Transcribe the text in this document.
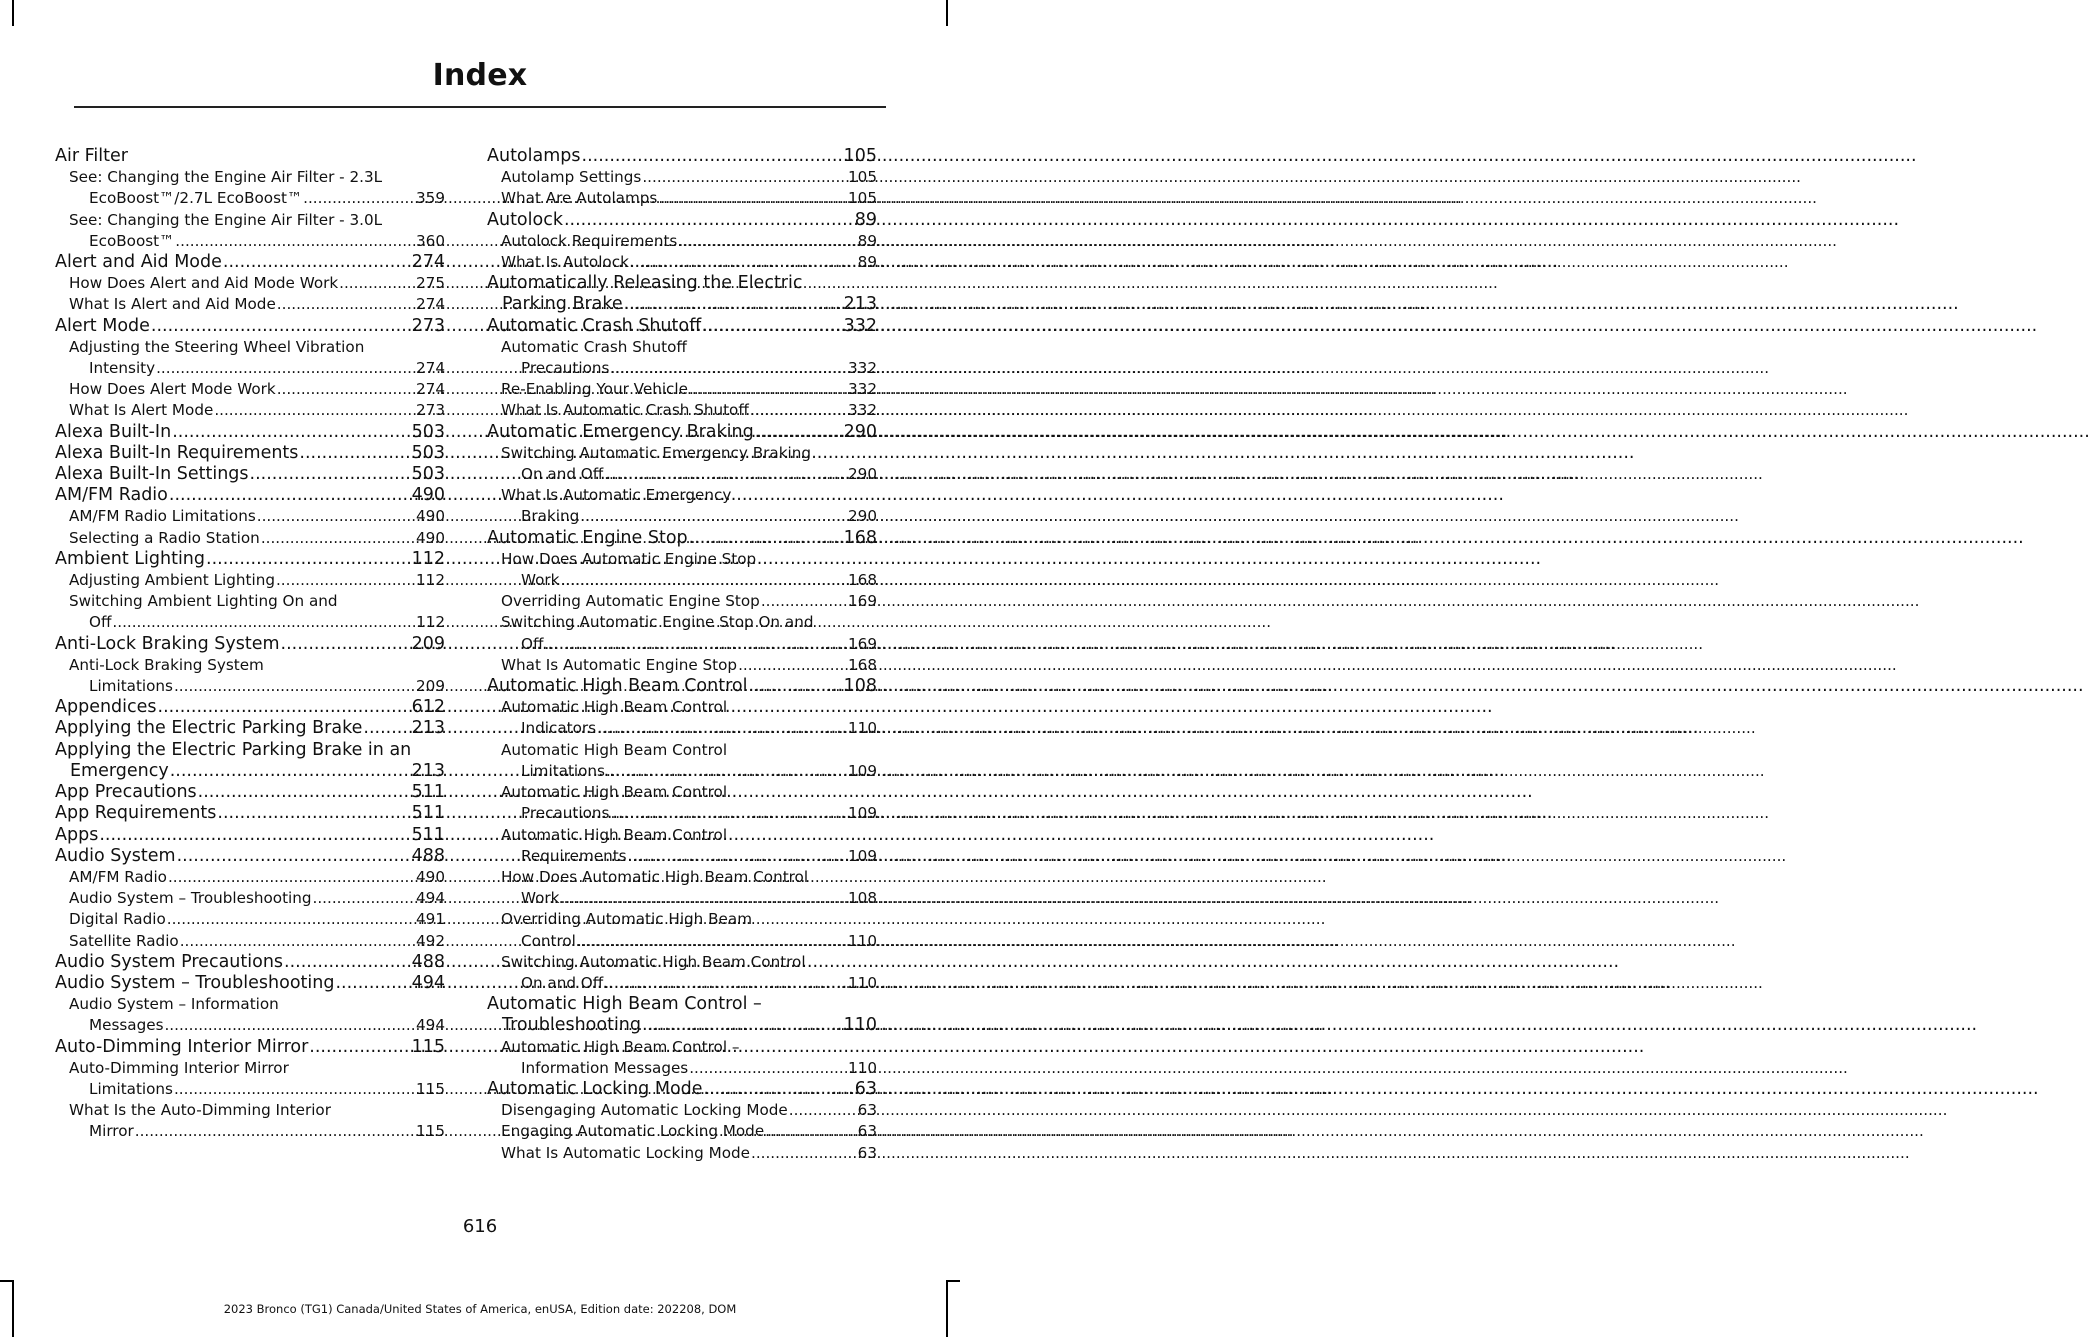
Index
Air Filter
See: Changing the Engine Air Filter - 2.3L
EcoBoost™/2.7L EcoBoost™ .....	359
See: Changing the Engine Air Filter - 3.0L
EcoBoost™ .....	360
Alert and Aid Mode .....	274
How Does Alert and Aid Mode Work .....	275
What Is Alert and Aid Mode .....	274
Alert Mode .....	273
Adjusting the Steering Wheel Vibration
Intensity .....	274
How Does Alert Mode Work .....	274
What Is Alert Mode .....	273
Alexa Built-In .....	503
Alexa Built-In Requirements .....	503
Alexa Built-In Settings .....	503
AM/FM Radio .....	490
AM/FM Radio Limitations .....	490
Selecting a Radio Station .....	490
Ambient Lighting .....	112
Adjusting Ambient Lighting .....	112
Switching Ambient Lighting On and
Off .....	112
Anti-Lock Braking System .....	209
Anti-Lock Braking System
Limitations .....	209
Appendices .....	612
Applying the Electric Parking Brake .....	213
Applying the Electric Parking Brake in an
Emergency .....	213
App Precautions .....	511
App Requirements .....	511
Apps .....	511
Audio System .....	488
AM/FM Radio .....	490
Audio System – Troubleshooting .....	494
Digital Radio .....	491
Satellite Radio .....	492
Audio System Precautions .....	488
Audio System – Troubleshooting .....	494
Audio System – Information
Messages .....	494
Auto-Dimming Interior Mirror .....	115
Auto-Dimming Interior Mirror
Limitations .....	115
What Is the Auto-Dimming Interior
Mirror .....	115
Autolamps .....	105
Autolamp Settings .....	105
What Are Autolamps .....	105
Autolock .....	89
Autolock Requirements .....	89
What Is Autolock .....	89
Automatically Releasing the Electric
Parking Brake .....	213
Automatic Crash Shutoff .....	332
Automatic Crash Shutoff
Precautions .....	332
Re-Enabling Your Vehicle .....	332
What Is Automatic Crash Shutoff .....	332
Automatic Emergency Braking .....	290
Switching Automatic Emergency Braking
On and Off .....	290
What Is Automatic Emergency
Braking .....	290
Automatic Engine Stop .....	168
How Does Automatic Engine Stop
Work .....	168
Overriding Automatic Engine Stop .....	169
Switching Automatic Engine Stop On and
Off .....	169
What Is Automatic Engine Stop .....	168
Automatic High Beam Control .....	108
Automatic High Beam Control
Indicators .....	110
Automatic High Beam Control
Limitations .....	109
Automatic High Beam Control
Precautions .....	109
Automatic High Beam Control
Requirements .....	109
How Does Automatic High Beam Control
Work .....	108
Overriding Automatic High Beam
Control .....	110
Switching Automatic High Beam Control
On and Off .....	110
Automatic High Beam Control –
Troubleshooting .....	110
Automatic High Beam Control –
Information Messages .....	110
Automatic Locking Mode .....	63
Disengaging Automatic Locking Mode .....	63
Engaging Automatic Locking Mode .....	63
What Is Automatic Locking Mode .....	63
616
2023 Bronco (TG1) Canada/United States of America, enUSA, Edition date: 202208, DOM
